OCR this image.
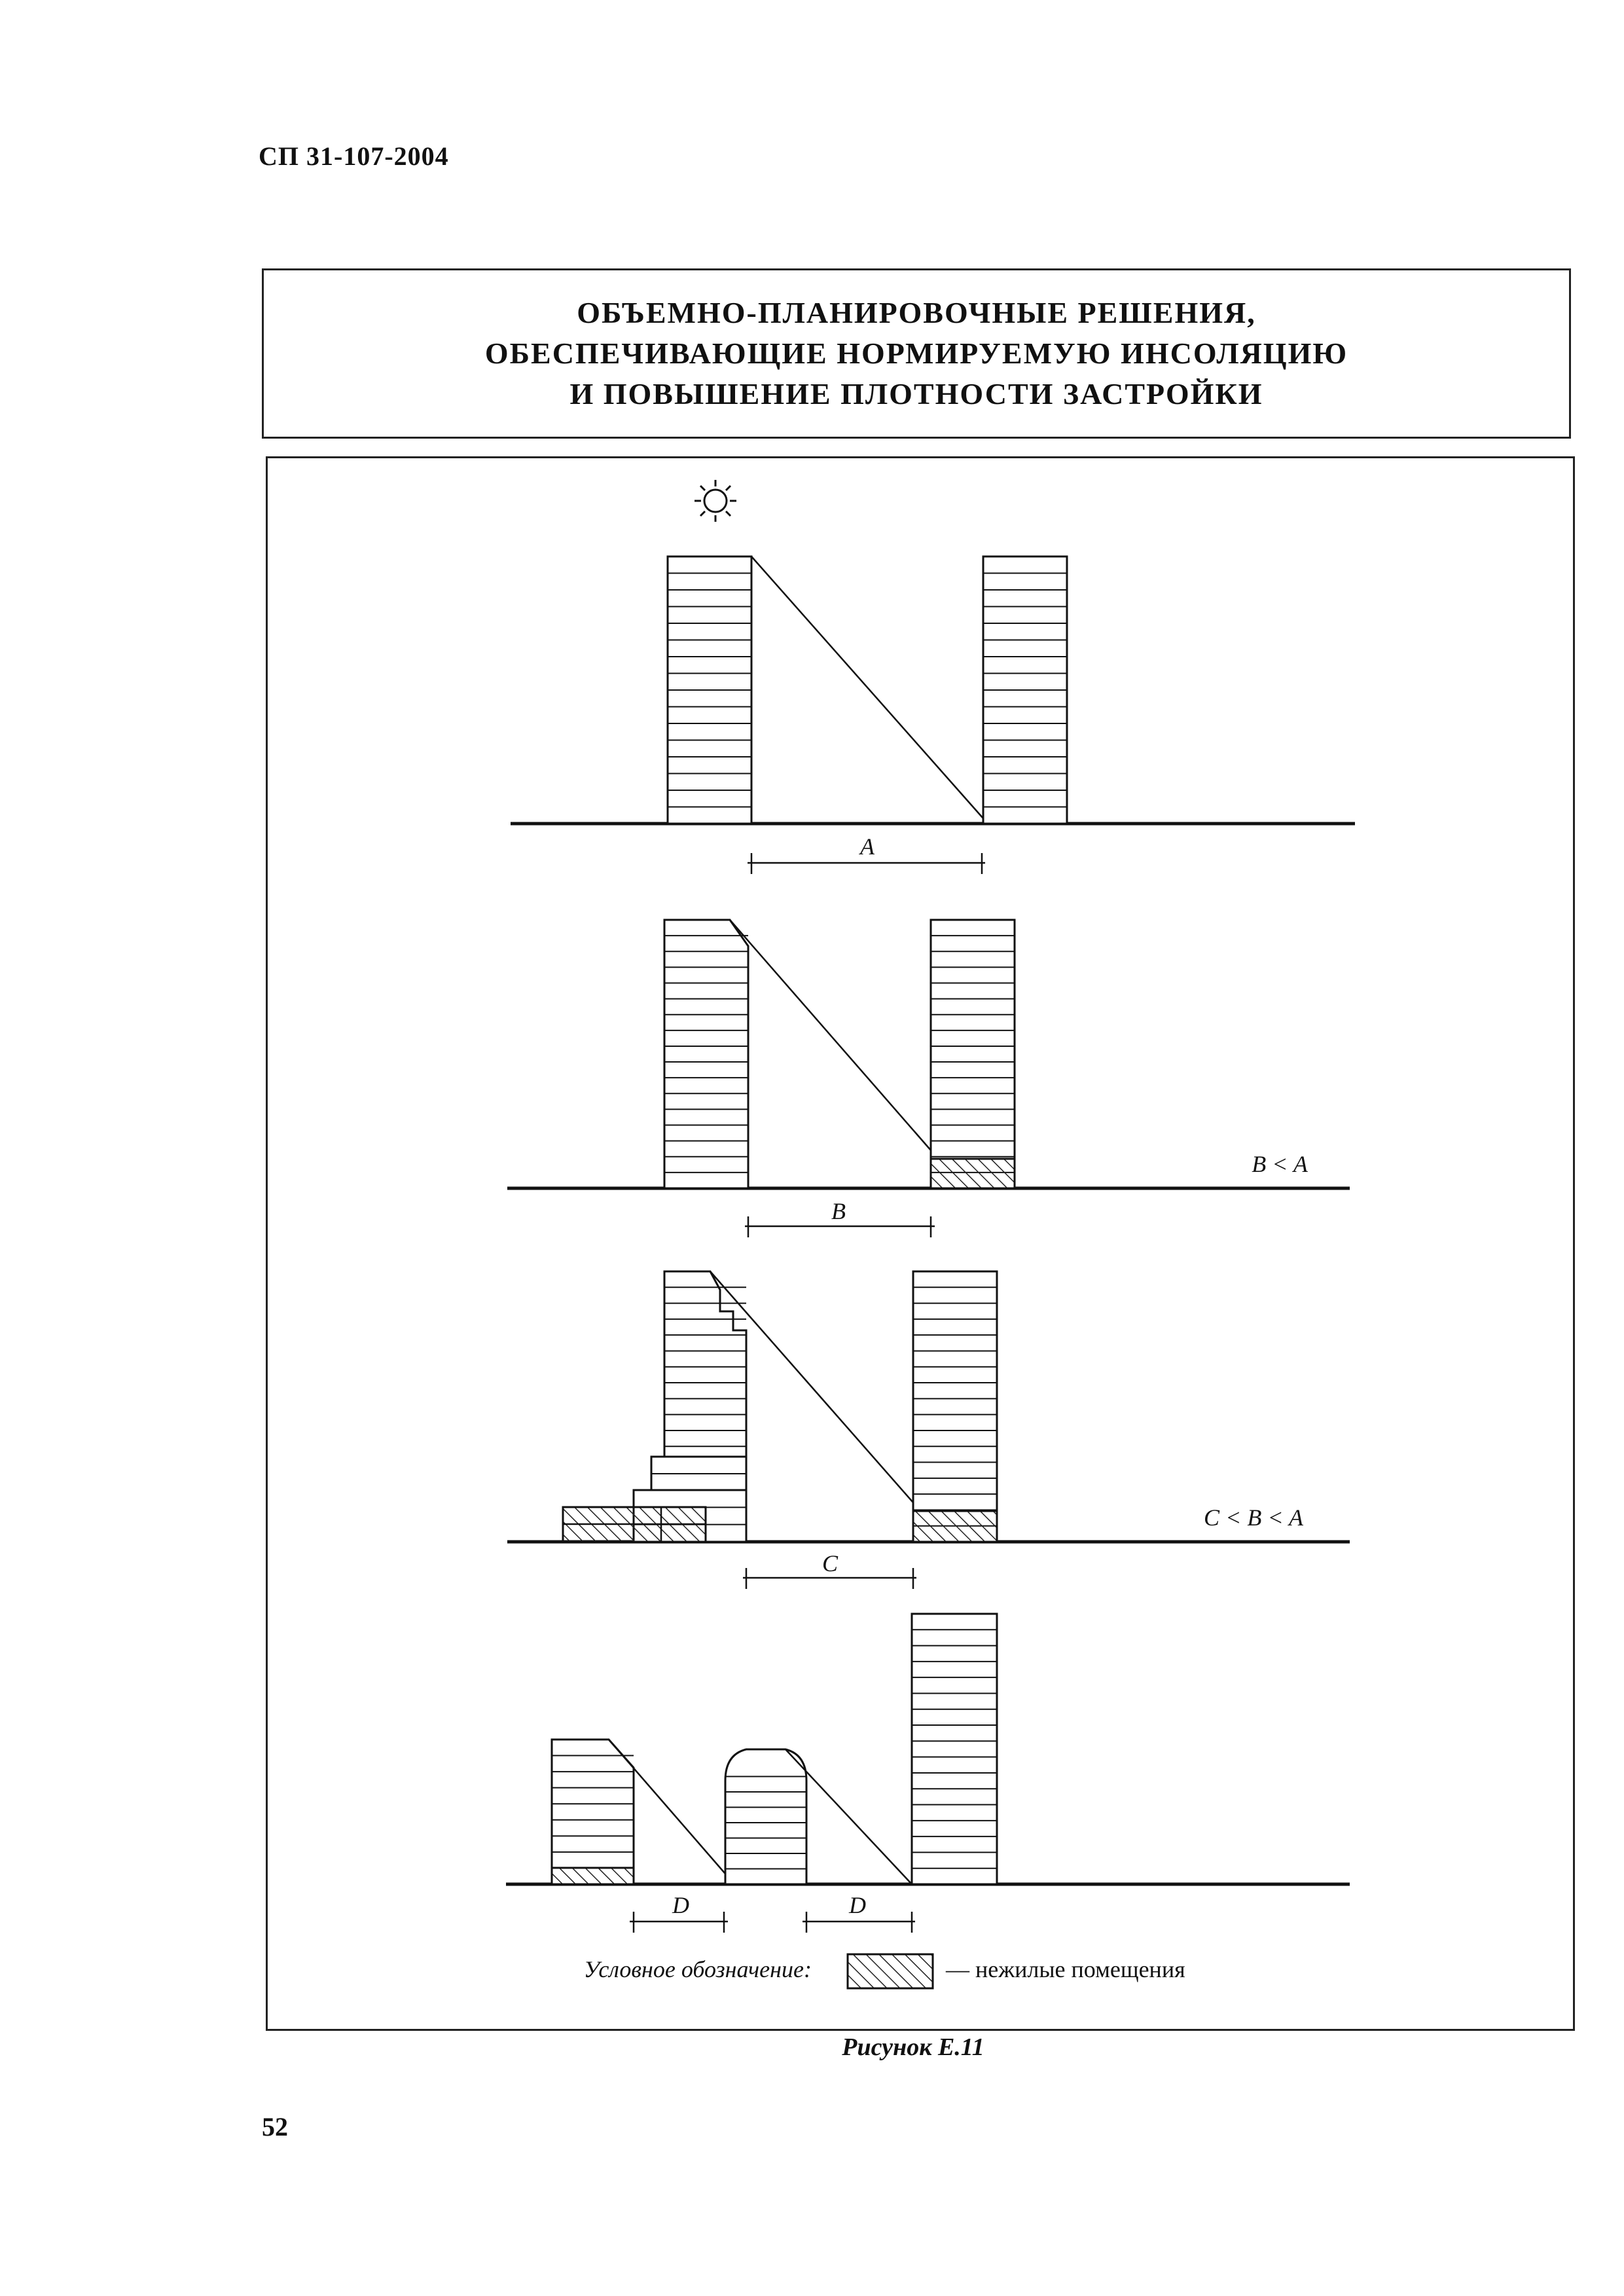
СП 31-107-2004
ОБЪЕМНО-ПЛАНИРОВОЧНЫЕ РЕШЕНИЯ,
ОБЕСПЕЧИВАЮЩИЕ НОРМИРУЕМУЮ ИНСОЛЯЦИЮ
И ПОВЫШЕНИЕ ПЛОТНОСТИ ЗАСТРОЙКИ
A
B
B < A
C
C < B < A
D	D
Условное обозначение:	— нежилые помещения
Рисунок Е.11
52
